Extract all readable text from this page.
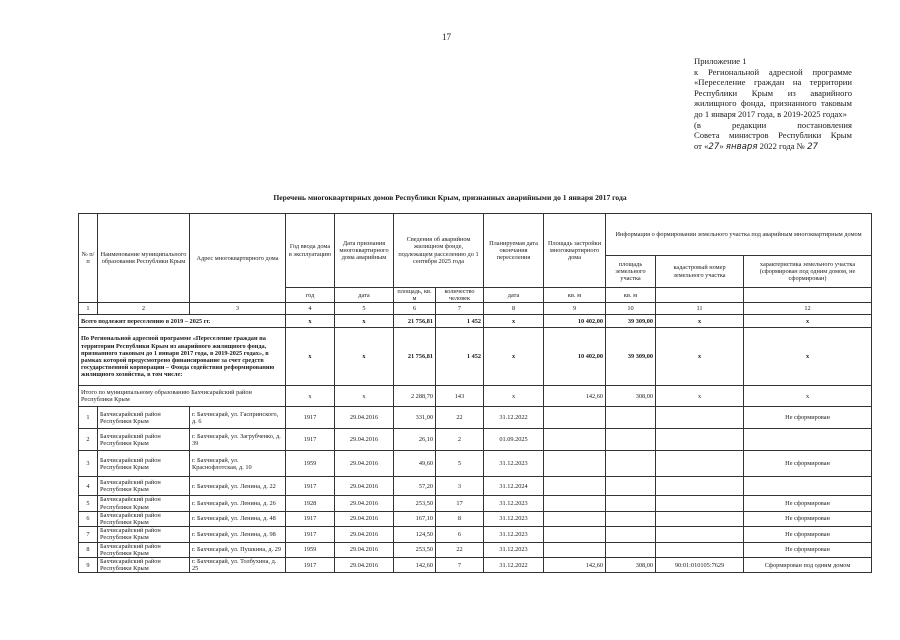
17
Приложение 1
к Региональной адресной программе
«Переселение граждан на территории
Республики Крым из аварийного
жилищного фонда, признанного таковым
до 1 января 2017 года, в 2019-2025 годах»
(в редакции постановления
Совета министров Республики Крым
от «27» января 2022 года № 27
Перечень многоквартирных домов Республики Крым, признанных аварийными до 1 января 2017 года
№ п/п	Наименование муниципального образования Республики Крым	Адрес многоквартирного дома	Год ввода дома в эксплуатацию	Дата признания многоквартирного дома аварийным	Сведения об аварийном жилищном фонде, подлежащем расселению до 1 сентября 2025 года		Планируемая дата окончания переселения	Площадь застройки многоквартирного дома	Информация о формировании земельного участка под аварийным многоквартирным домом		
									площадь земельного участка	кадастровый номер земельного участка	характеристика земельного участка (сформирован под одним домом, не сформирован)
			год	дата	площадь, кв. м	количество человек	дата	кв. м	кв. м		
1	2	3	4	5	6	7	8	9	10	11	12
Всего подлежит переселению в 2019 – 2025 гг.			x	x	21 756,81	1 452	x	10 402,00	39 309,00	x	x
По Региональной адресной программе «Переселение граждан на территории Республики Крым из аварийного жилищного фонда, признанного таковым до 1 января 2017 года, в 2019-2025 годах», в рамках которой предусмотрено финансирование за счет средств государственной корпорации – Фонда содействия реформированию жилищного хозяйства, в том числе:			x	x	21 756,81	1 452	x	10 402,00	39 309,00	x	x
Итого по муниципальному образованию Бахчисарайский район Республики Крым			x	x	2 288,70	143	x	142,60	308,00	x	x
1	Бахчисарайский район Республики Крым	г. Бахчисарай, ул. Гаспринского, д. 6	1917	29.04.2016	331,00	22	31.12.2022				Не сформирован
2	Бахчисарайский район Республики Крым	г. Бахчисарай, ул. Загрубченко, д. 39	1917	29.04.2016	26,10	2	01.09.2025				
3	Бахчисарайский район Республики Крым	г. Бахчисарай, ул. Краснофлотская, д. 10	1959	29.04.2016	49,60	5	31.12.2023				Не сформирован
4	Бахчисарайский район Республики Крым	г. Бахчисарай, ул. Ленина, д. 22	1917	29.04.2016	57,20	3	31.12.2024				
5	Бахчисарайский район Республики Крым	г. Бахчисарай, ул. Ленина, д. 26	1928	29.04.2016	253,50	17	31.12.2023				Не сформирован
6	Бахчисарайский район Республики Крым	г. Бахчисарай, ул. Ленина, д. 48	1917	29.04.2016	167,10	8	31.12.2023				Не сформирован
7	Бахчисарайский район Республики Крым	г. Бахчисарай, ул. Ленина, д. 98	1917	29.04.2016	124,50	6	31.12.2023				Не сформирован
8	Бахчисарайский район Республики Крым	г. Бахчисарай, ул. Пушкина, д. 29	1959	29.04.2016	253,50	22	31.12.2023				Не сформирован
9	Бахчисарайский район Республики Крым	г. Бахчисарай, ул. Толбухина, д. 25	1917	29.04.2016	142,60	7	31.12.2022	142,60	308,00	90:01:010105:7629	Сформирован под одним домом
